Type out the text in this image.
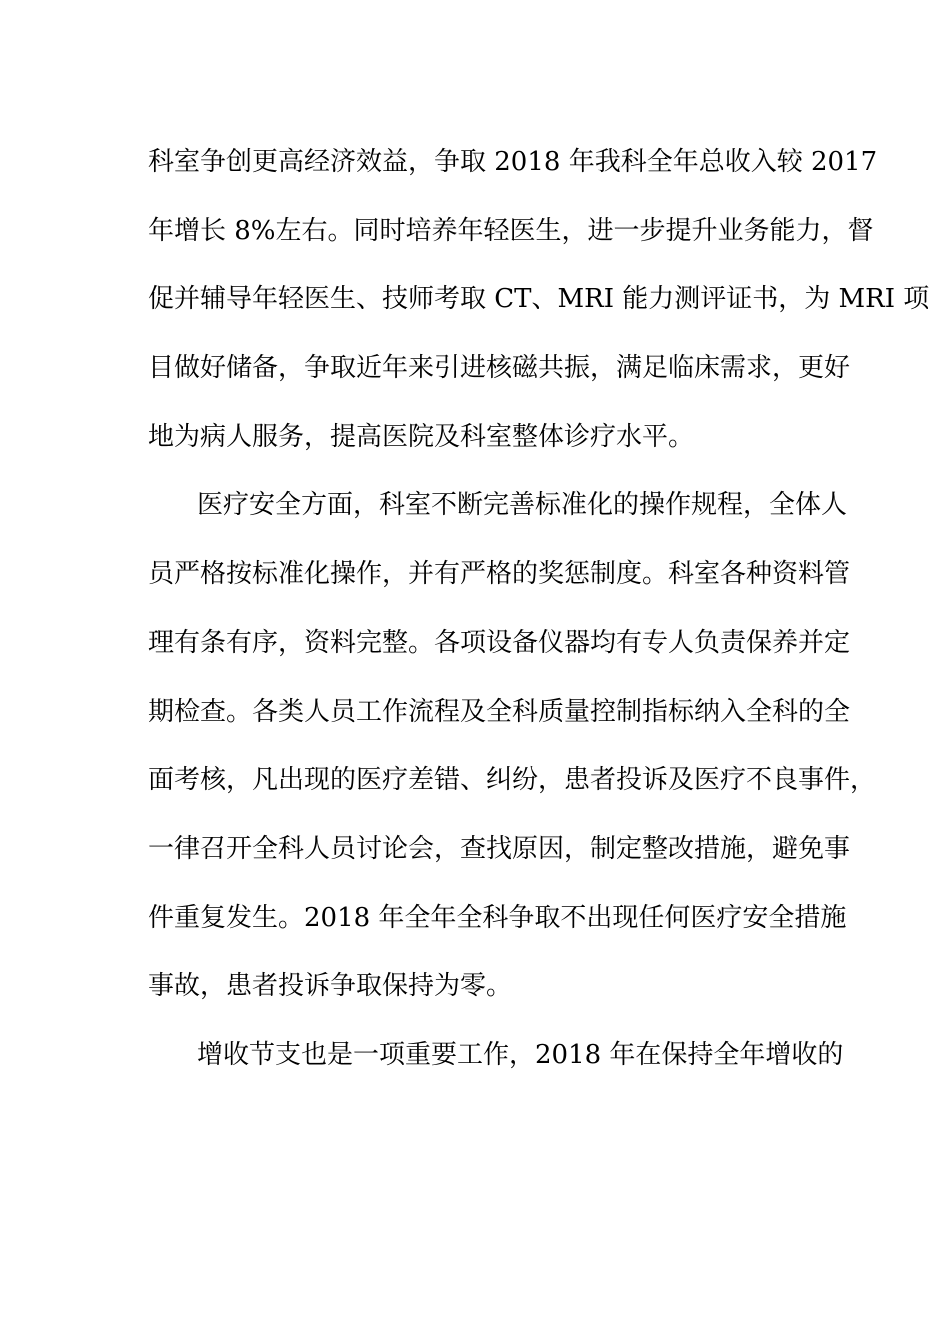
科室争创更高经济效益，争取 2018 年我科全年总收入较 2017
年增长 8%左右。同时培养年轻医生，进一步提升业务能力，督
促并辅导年轻医生、技师考取 CT、MRI 能力测评证书，为 MRI 项
目做好储备，争取近年来引进核磁共振，满足临床需求，更好
地为病人服务，提高医院及科室整体诊疗水平。
医疗安全方面，科室不断完善标准化的操作规程，全体人
员严格按标准化操作，并有严格的奖惩制度。科室各种资料管
理有条有序，资料完整。各项设备仪器均有专人负责保养并定
期检查。各类人员工作流程及全科质量控制指标纳入全科的全
面考核，凡出现的医疗差错、纠纷，患者投诉及医疗不良事件，
一律召开全科人员讨论会，查找原因，制定整改措施，避免事
件重复发生。2018 年全年全科争取不出现任何医疗安全措施
事故，患者投诉争取保持为零。
增收节支也是一项重要工作，2018 年在保持全年增收的
